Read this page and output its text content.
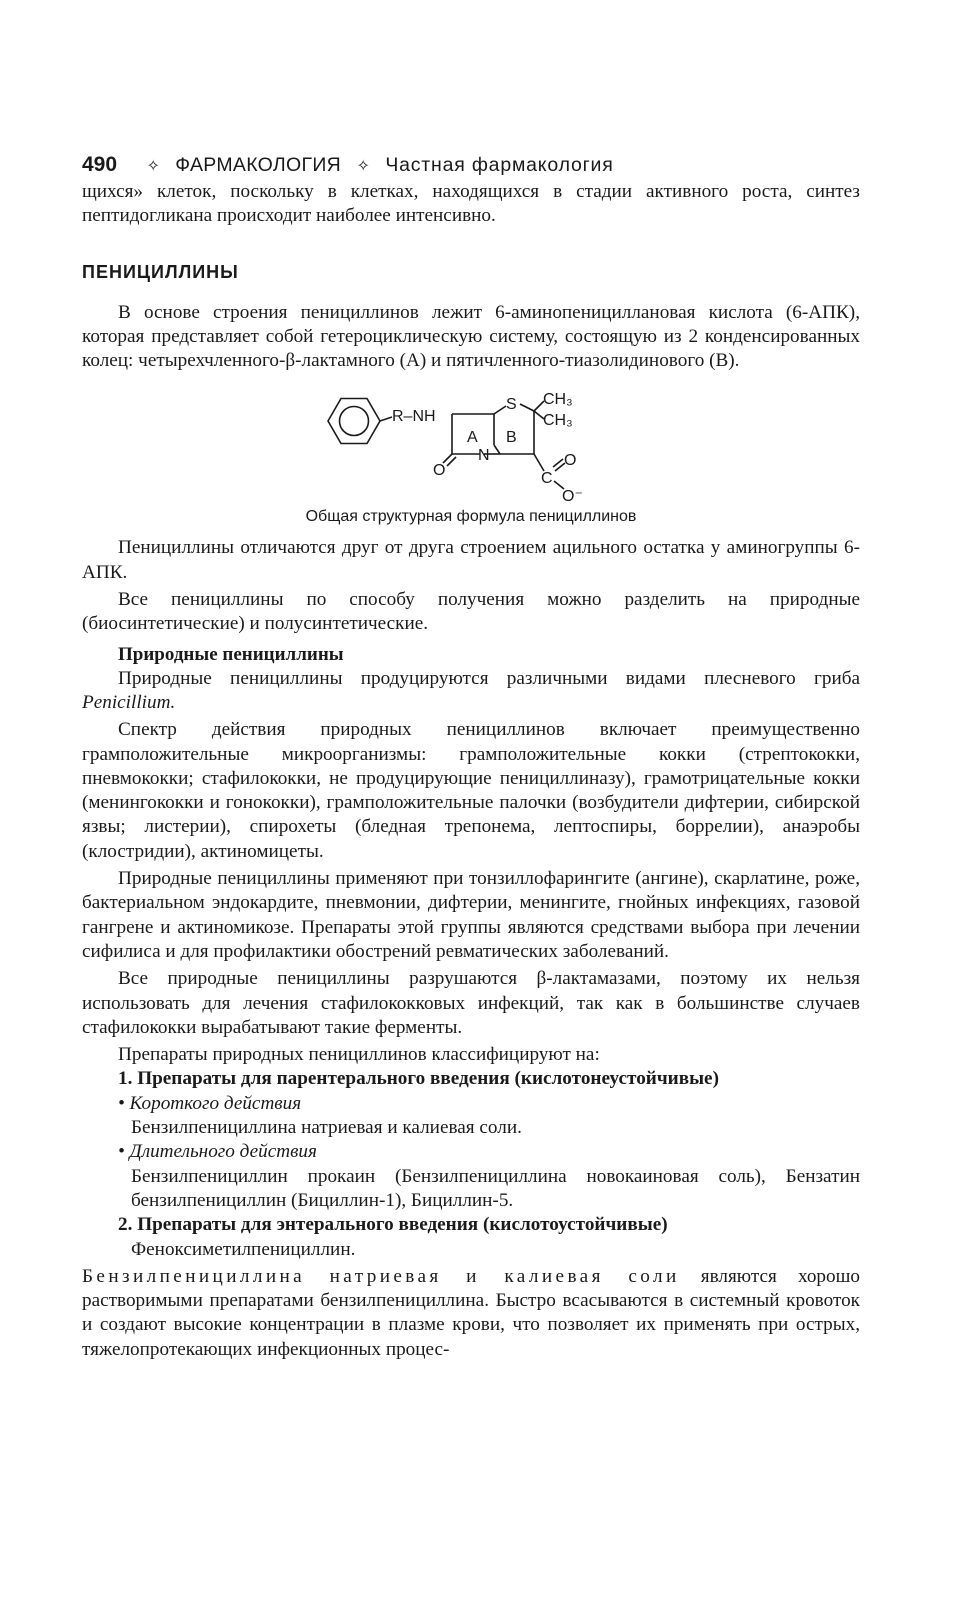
490 ✧ ФАРМАКОЛОГИЯ ✧ Частная фармакология

щихся» клеток, поскольку в клетках, находящихся в стадии активного роста, синтез пептидогликана происходит наиболее интенсивно.

ПЕНИЦИЛЛИНЫ

В основе строения пенициллинов лежит 6-аминопенициллановая кислота (6-АПК), которая представляет собой гетероциклическую систему, состоящую из 2 конденсированных колец: четырехчленного-β-лактамного (А) и пятичленного-тиазолидинового (В).

R–NH
S CH₃
CH₃
A B
N
O	C
O
O⁻
Общая структурная формула пенициллинов

Пенициллины отличаются друг от друга строением ацильного остатка у аминогруппы 6-АПК.

Все пенициллины по способу получения можно разделить на природные (биосинтетические) и полусинтетические.

Природные пенициллины

Природные пенициллины продуцируются различными видами плесневого гриба Penicillium.

Спектр действия природных пенициллинов включает преимущественно грамположительные микроорганизмы: грамположительные кокки (стрептококки, пневмококки; стафилококки, не продуцирующие пенициллиназу), грамотрицательные кокки (менингококки и гонококки), грамположительные палочки (возбудители дифтерии, сибирской язвы; листерии), спирохеты (бледная трепонема, лептоспиры, боррелии), анаэробы (клостридии), актиномицеты.

Природные пенициллины применяют при тонзиллофарингите (ангине), скарлатине, роже, бактериальном эндокардите, пневмонии, дифтерии, менингите, гнойных инфекциях, газовой гангрене и актиномикозе. Препараты этой группы являются средствами выбора при лечении сифилиса и для профилактики обострений ревматических заболеваний.

Все природные пенициллины разрушаются β-лактамазами, поэтому их нельзя использовать для лечения стафилококковых инфекций, так как в большинстве случаев стафилококки вырабатывают такие ферменты.

Препараты природных пенициллинов классифицируют на:

1. Препараты для парентерального введения (кислотонеустойчивые)
• Короткого действия

Бензилпенициллина натриевая и калиевая соли.

• Длительного действия

Бензилпенициллин прокаин (Бензилпенициллина новокаиновая соль), Бензатин бензилпенициллин (Бициллин-1), Бициллин-5.

2. Препараты для энтерального введения (кислотоустойчивые)

Феноксиметилпенициллин.

Бензилпенициллина натриевая и калиевая соли являются хорошо растворимыми препаратами бензилпенициллина. Быстро всасываются в системный кровоток и создают высокие концентрации в плазме крови, что позволяет их применять при острых, тяжелопротекающих инфекционных процес-
